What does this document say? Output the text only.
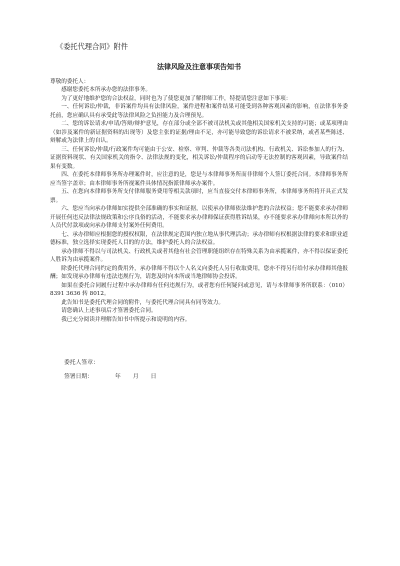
《委托代理合同》附件
法律风险及注意事项告知书
尊敬的委托人：

感谢您委托本所承办您的法律事务。

为了更好地维护您的合法权益，同时也为了使您更加了解律师工作，特提请您注意如下事项：

一、任何诉讼/仲裁，非诉案件均具有法律风险，案件进程和案件结果可能受到各种客观因素的影响，在法律事务委托前，您应确认具有承受此等法律风险之负担能力及合理预见。

二、您的诉讼请求/申请/答辩/辩护意见，存在部分或全部不被司法机关或其他相关国家机关支持的可能；或某项理由（如涉及案件的新证据资料的出现等）及您主张的证据/理由不足，亦可能导致您的诉讼请求不被采纳，或者某些陈述、辩解或为法律上的自认。

三、任何诉讼/仲裁/行政案件均可能由于公安、检察、审判、仲裁等各类司法机构、行政机关、诉讼参加人的行为、证据资料现状、有关国家机关的指令、法律法规的变化，相关诉讼/仲裁程序的启动等无法控制的客观因素，导致案件结果有变数。

四、在委托本律师事务所办理案件时，应注意的是，您是与本律师事务所而非律师个人签订委托合同。本律师事务所应当签字盖章；由本律师事务所视案件具体情况指派律师承办案件。

五、在您向本律师事务所支付律师服务费用等相关款项时，应当直接交付本律师事务所，本律师事务所将开具正式发票。

六、您应当向承办律师如实提供全部准确的事实和证据，以使承办律师依法维护您的合法权益；您不能要求承办律师开展任何违反法律法规政策和公序良俗的活动，不能要求承办律师保证获得胜诉结果，亦不能要求承办律师向本所以外的人员代付款项或向承办律师支付案外任何费用。

七、承办律师应根据您的授权权限，在法律规定范围内独立地从事代理活动；承办律师有权根据法律的要求和职业道德标准，独立选择实现委托人目的的方法，维护委托人的合法权益。

承办律师不得以与司法机关、行政机关或者其他有社会管理职能组织存在特殊关系为由承揽案件，亦不得以保证委托人胜诉为由承揽案件。

除委托代理合同约定的费用外，承办律师不得以个人名义向委托人另行收取费用，您亦不得另行给付承办律师其他报酬；如发现承办律师有违法违规行为，请您及时向本所或当地律师协会投诉。

如果在委托合同履行过程中承办律师有任何违规行为，或者您有任何疑问或意见，请与本律师事务所联系：（010）8391 3636 转 8012。

此告知书是委托代理合同的附件，与委托代理合同具有同等效力。

请您确认上述事项后才签署委托合同。

我已充分阅读并理解告知书中所提示和说明的内容。

委托人签章：
签署日期：	年 月 日
